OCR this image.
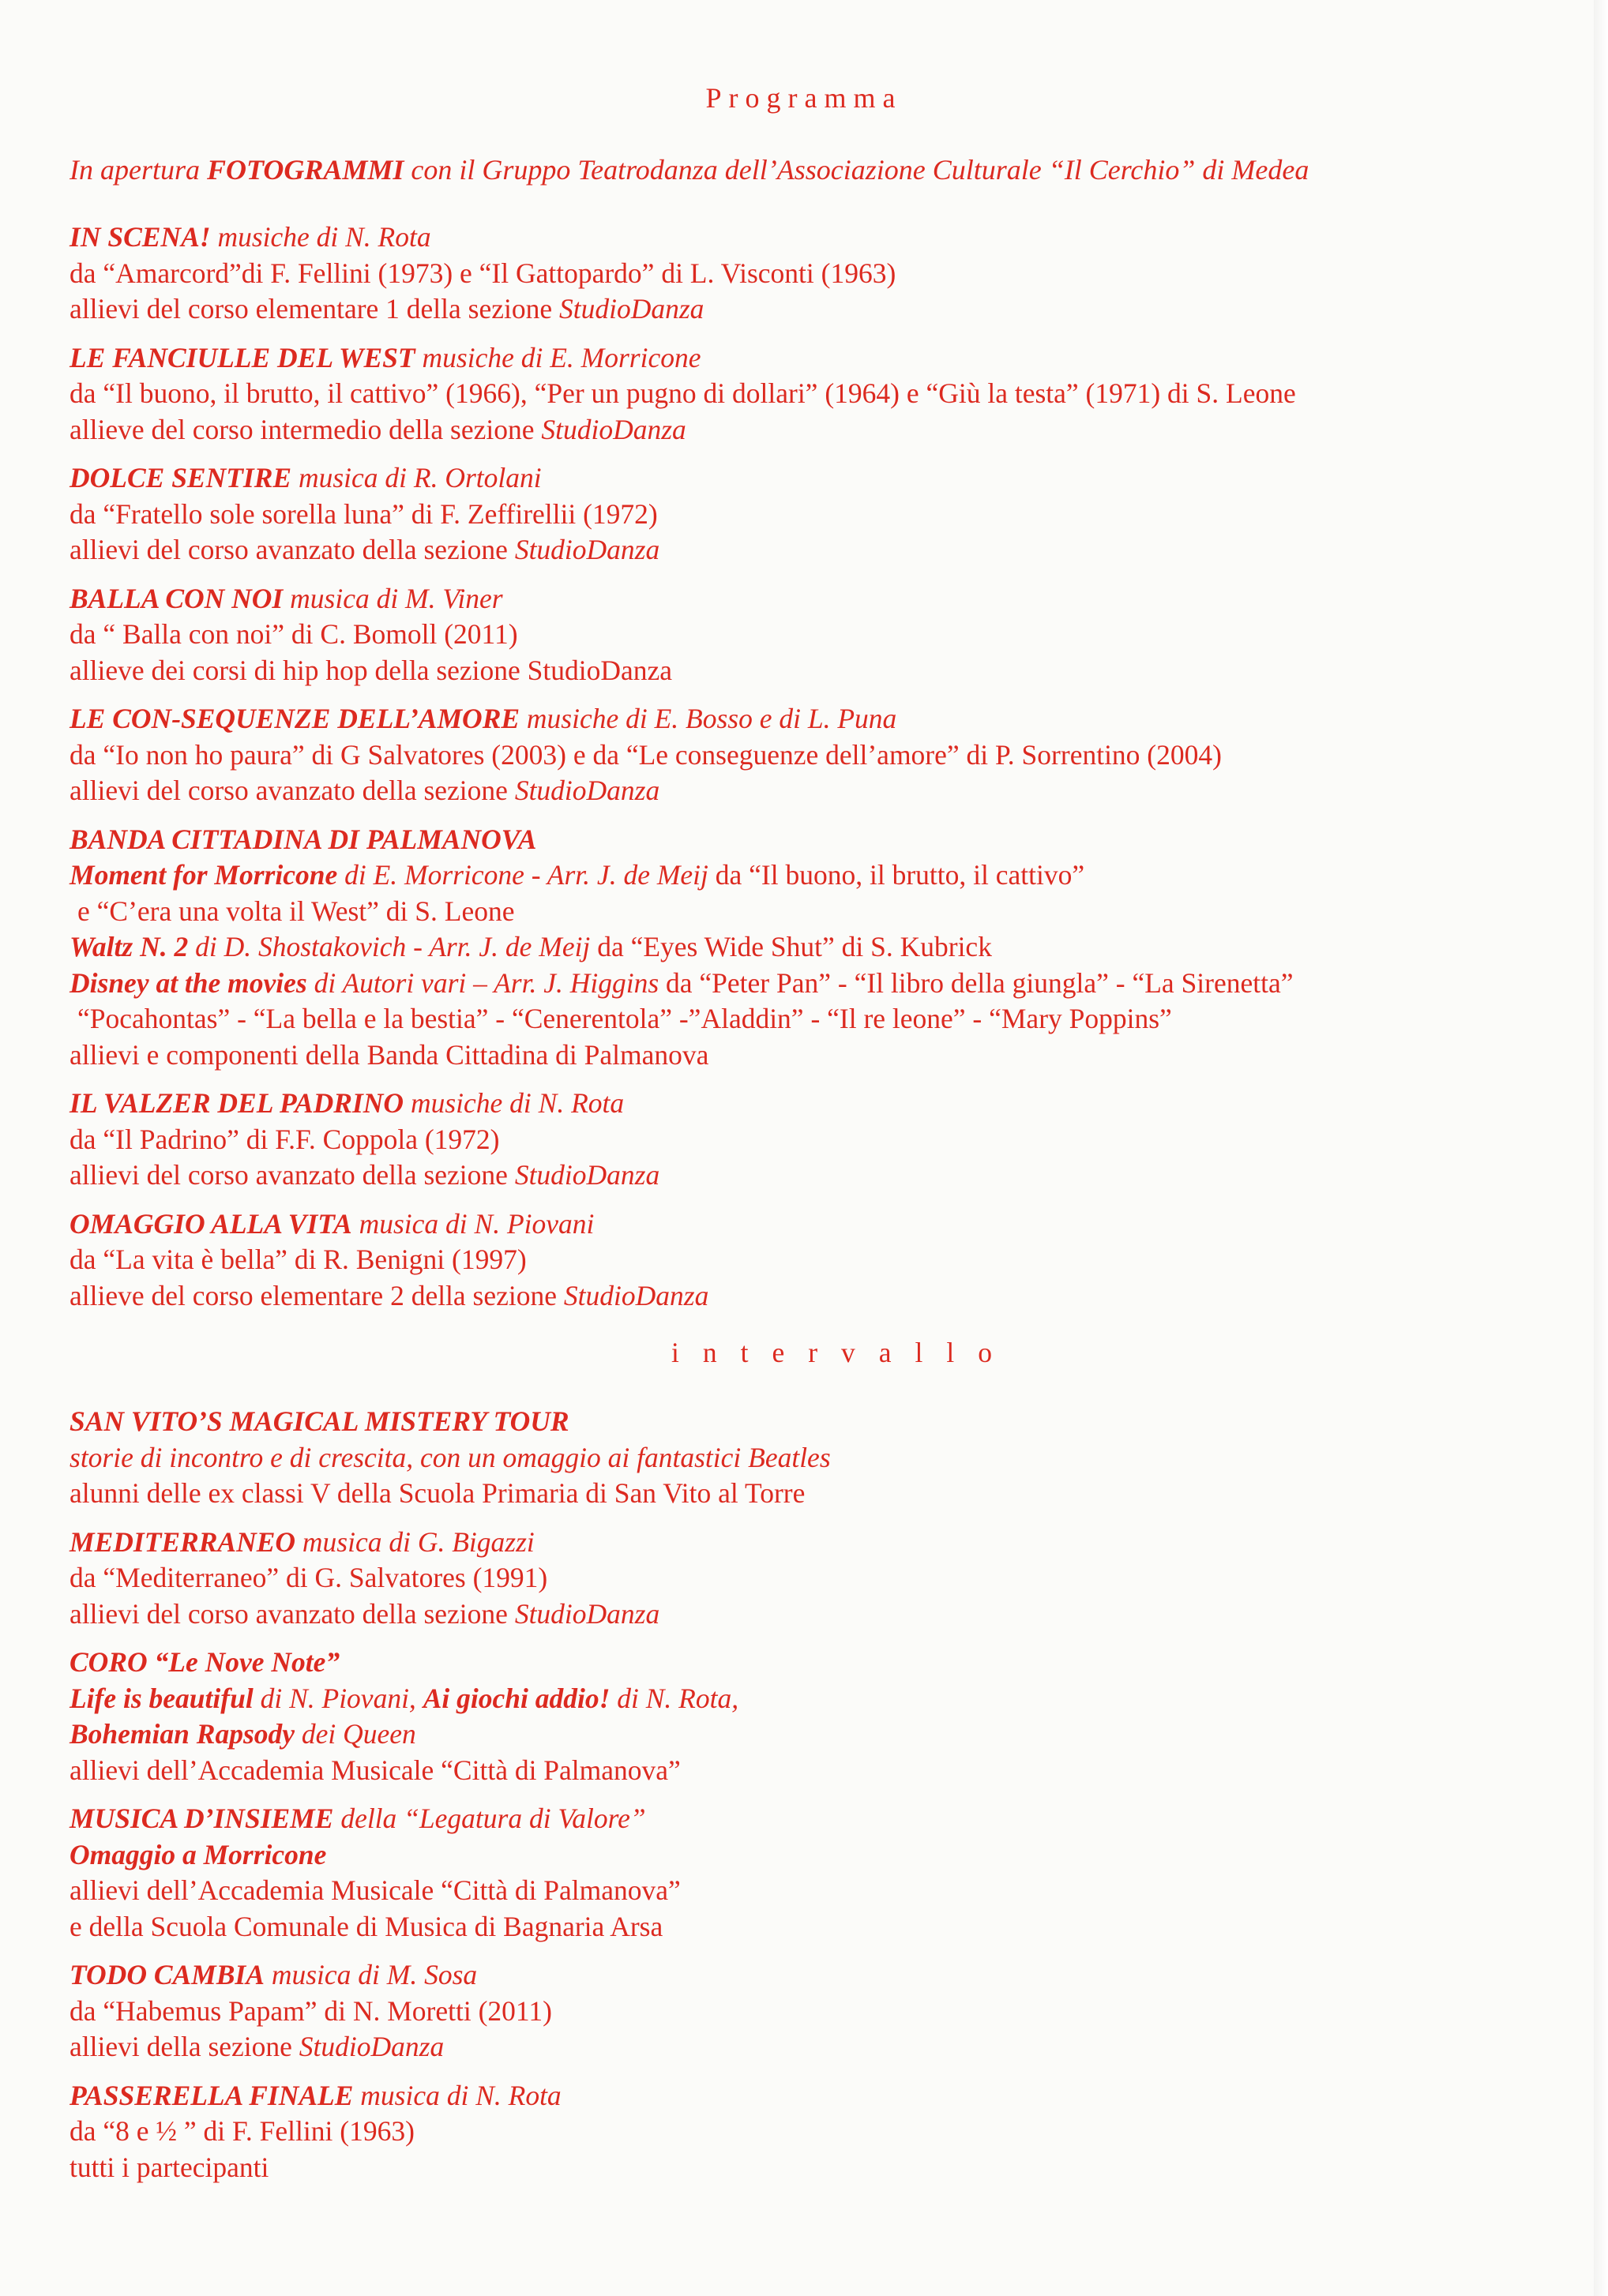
Programma
In apertura FOTOGRAMMI con il Gruppo Teatrodanza dell’Associazione Culturale “Il Cerchio” di Medea
IN SCENA! musiche di N. Rota
da “Amarcord”di F. Fellini (1973) e “Il Gattopardo” di L. Visconti (1963)
allievi del corso elementare 1 della sezione StudioDanza
LE FANCIULLE DEL WEST musiche di E. Morricone
da “Il buono, il brutto, il cattivo” (1966), “Per un pugno di dollari” (1964) e “Giù la testa” (1971) di S. Leone
allieve del corso intermedio della sezione StudioDanza
DOLCE SENTIRE musica di R. Ortolani
da “Fratello sole sorella luna” di F. Zeffirellii (1972)
allievi del corso avanzato della sezione StudioDanza
BALLA CON NOI musica di M. Viner
da “ Balla con noi” di C. Bomoll (2011)
allieve dei corsi di hip hop della sezione StudioDanza
LE CON-SEQUENZE DELL’AMORE musiche di E. Bosso e di L. Puna
da “Io non ho paura” di G Salvatores (2003) e da “Le conseguenze dell’amore” di P. Sorrentino (2004)
allievi del corso avanzato della sezione StudioDanza
BANDA CITTADINA DI PALMANOVA
Moment for Morricone di E. Morricone - Arr. J. de Meij da “Il buono, il brutto, il cattivo”
e “C’era una volta il West” di S. Leone
Waltz N. 2 di D. Shostakovich - Arr. J. de Meij da “Eyes Wide Shut” di S. Kubrick
Disney at the movies di Autori vari – Arr. J. Higgins da “Peter Pan” - “Il libro della giungla” - “La Sirenetta”
“Pocahontas” - “La bella e la bestia” - “Cenerentola” -”Aladdin” - “Il re leone” - “Mary Poppins”
allievi e componenti della Banda Cittadina di Palmanova
IL VALZER DEL PADRINO musiche di N. Rota
da “Il Padrino” di F.F. Coppola (1972)
allievi del corso avanzato della sezione StudioDanza
OMAGGIO ALLA VITA musica di N. Piovani
da “La vita è bella” di R. Benigni (1997)
allieve del corso elementare 2 della sezione StudioDanza
intervallo
SAN VITO’S MAGICAL MISTERY TOUR
storie di incontro e di crescita, con un omaggio ai fantastici Beatles
alunni delle ex classi V della Scuola Primaria di San Vito al Torre
MEDITERRANEO musica di G. Bigazzi
da “Mediterraneo” di G. Salvatores (1991)
allievi del corso avanzato della sezione StudioDanza
CORO “Le Nove Note”
Life is beautiful di N. Piovani, Ai giochi addio! di N. Rota,
Bohemian Rapsody dei Queen
allievi dell’Accademia Musicale “Città di Palmanova”
MUSICA D’INSIEME della “Legatura di Valore”
Omaggio a Morricone
allievi dell’Accademia Musicale “Città di Palmanova”
e della Scuola Comunale di Musica di Bagnaria Arsa
TODO CAMBIA musica di M. Sosa
da “Habemus Papam” di N. Moretti (2011)
allievi della sezione StudioDanza
PASSERELLA FINALE musica di N. Rota
da “8 e ½ ” di F. Fellini (1963)
tutti i partecipanti
